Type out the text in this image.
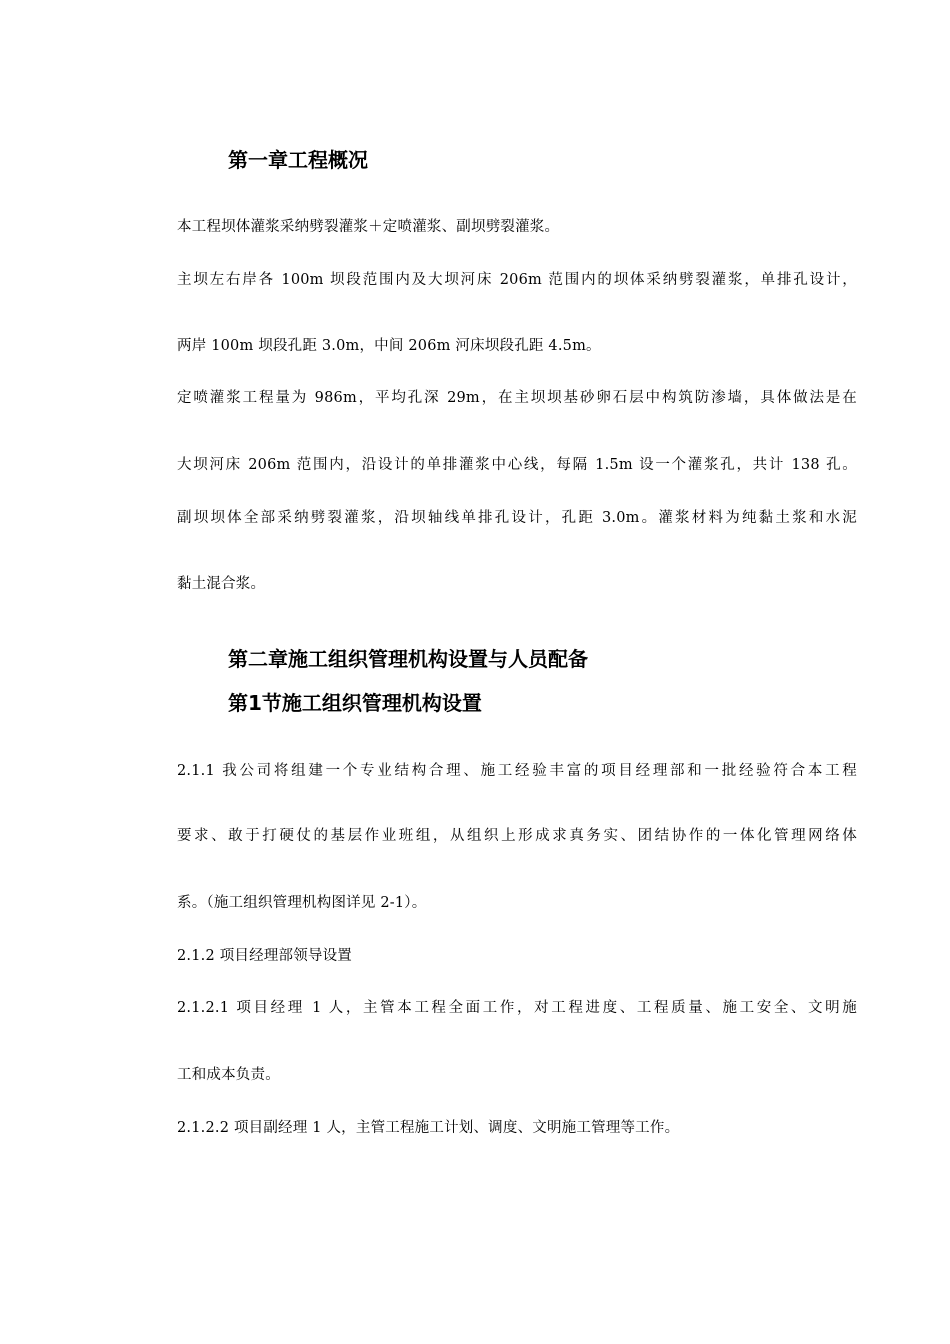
第一章工程概况
本工程坝体灌浆采纳劈裂灌浆＋定喷灌浆、副坝劈裂灌浆。
主坝左右岸各 100m 坝段范围内及大坝河床 206m 范围内的坝体采纳劈裂灌浆，单排孔设计，
两岸 100m 坝段孔距 3.0m，中间 206m 河床坝段孔距 4.5m。
定喷灌浆工程量为 986m，平均孔深 29m，在主坝坝基砂卵石层中构筑防渗墙，具体做法是在
大坝河床 206m 范围内，沿设计的单排灌浆中心线，每隔 1.5m 设一个灌浆孔，共计 138 孔。
副坝坝体全部采纳劈裂灌浆，沿坝轴线单排孔设计，孔距 3.0m。灌浆材料为纯黏土浆和水泥
黏土混合浆。
第二章施工组织管理机构设置与人员配备
第1节施工组织管理机构设置
2.1.1 我公司将组建一个专业结构合理、施工经验丰富的项目经理部和一批经验符合本工程
要求、敢于打硬仗的基层作业班组，从组织上形成求真务实、团结协作的一体化管理网络体
系。（施工组织管理机构图详见 2-1）。
2.1.2 项目经理部领导设置
2.1.2.1 项目经理 1 人，主管本工程全面工作，对工程进度、工程质量、施工安全、文明施
工和成本负责。
2.1.2.2 项目副经理 1 人，主管工程施工计划、调度、文明施工管理等工作。
